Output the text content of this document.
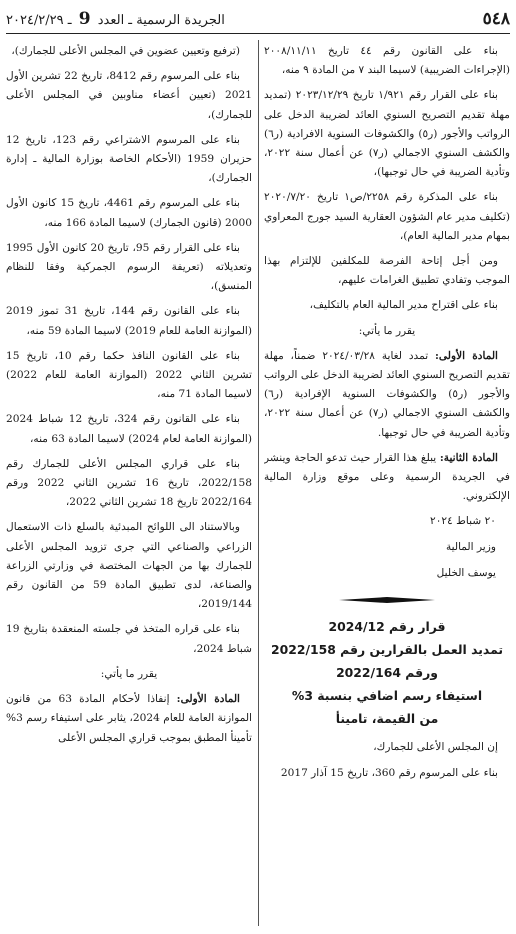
٥٤٨
الجريدة الرسمية ـ العدد 9 ـ ٢٠٢٤/٢/٢٩

بناء على القانون رقم ٤٤ تاريخ ٢٠٠٨/١١/١١ (الإجراءات الضريبية) لاسيما البند ٧ من المادة ٩ منه،

بناء على القرار رقم ١/٩٢١ تاريخ ٢٠٢٣/١٢/٢٩ (تمديد مهلة تقديم التصريح السنوي العائد لضريبة الدخل على الرواتب والأجور (ر٥) والكشوفات السنوية الافرادية (ر٦) والكشف السنوي الاجمالي (ر٧) عن أعمال سنة ٢٠٢٢، وتأدية الضريبة في حال توجبها)،

بناء على المذكرة رقم ٢٢٥٨/ص١ تاريخ ٢٠٢٠/٧/٢٠ (تكليف مدير عام الشؤون العقارية السيد جورج المعراوي بمهام مدير المالية العام)،

ومن أجل إتاحة الفرصة للمكلفين للإلتزام بهذا الموجب وتفادي تطبيق الغرامات عليهم،

بناء على اقتراح مدير المالية العام بالتكليف،

يقرر ما يأتي:

المادة الأولى: تمدد لغاية ٢٠٢٤/٠٣/٢٨ ضمناً، مهلة تقديم التصريح السنوي العائد لضريبة الدخل على الرواتب والأجور (ر٥) والكشوفات السنوية الإفرادية (ر٦) والكشف السنوي الاجمالي (ر٧) عن أعمال سنة ٢٠٢٢، وتأدية الضريبة في حال توجبها.

المادة الثانية: يبلغ هذا القرار حيث تدعو الحاجة وينشر في الجريدة الرسمية وعلى موقع وزارة المالية الإلكتروني.

٢٠ شباط ٢٠٢٤
وزير المالية
يوسف الخليل
قرار رقم 2024/12
تمديد العمل بالقرارين رقم 2022/158
ورقم 2022/164
استيفاء رسم اضافي بنسبة 3%
من القيمة، تامينأ

إن المجلس الأعلى للجمارك،

بناء على المرسوم رقم 360، تاريخ 15 آذار 2017

(ترفيع وتعيين عضوين في المجلس الأعلى للجمارك)،

بناء على المرسوم رقم 8412، تاريخ 22 تشرين الأول 2021 (تعيين أعضاء مناوبين في المجلس الأعلى للجمارك)،

بناء على المرسوم الاشتراعي رقم 123، تاريخ 12 حزيران 1959 (الأحكام الخاصة بوزارة المالية ـ إدارة الجمارك)،

بناء على المرسوم رقم 4461، تاريخ 15 كانون الأول 2000 (قانون الجمارك) لاسيما المادة 166 منه،

بناء على القرار رقم 95، تاريخ 20 كانون الأول 1995 وتعديلاته (تعريفة الرسوم الجمركية وفقا للنظام المنسق)،

بناء على القانون رقم 144، تاريخ 31 تموز 2019 (الموازنة العامة للعام 2019) لاسيما المادة 59 منه،

بناء على القانون النافذ حكما رقم 10، تاريخ 15 تشرين الثاني 2022 (الموازنة العامة للعام 2022) لاسيما المادة 71 منه،

بناء على القانون رقم 324، تاريخ 12 شباط 2024 (الموازنة العامة لعام 2024) لاسيما المادة 63 منه،

بناء على قراري المجلس الأعلى للجمارك رقم 2022/158، تاريخ 16 تشرين الثاني 2022 ورقم 2022/164 تاريخ 18 تشرين الثاني 2022،

وبالاستناد الى اللوائح المبدئية بالسلع ذات الاستعمال الزراعي والصناعي التي جرى تزويد المجلس الأعلى للجمارك بها من الجهات المختصة في وزارتي الزراعة والصناعة، لدى تطبيق المادة 59 من القانون رقم 2019/144،

بناء على قراره المتخذ في جلسته المنعقدة بتاريخ 19 شباط 2024،

يقرر ما يأتي:

المادة الأولى: إنفاذا لأحكام المادة 63 من قانون الموازنة العامة للعام 2024، يثابر على استيفاء رسم 3% تأمينأ المطبق بموجب قراري المجلس الأعلى
